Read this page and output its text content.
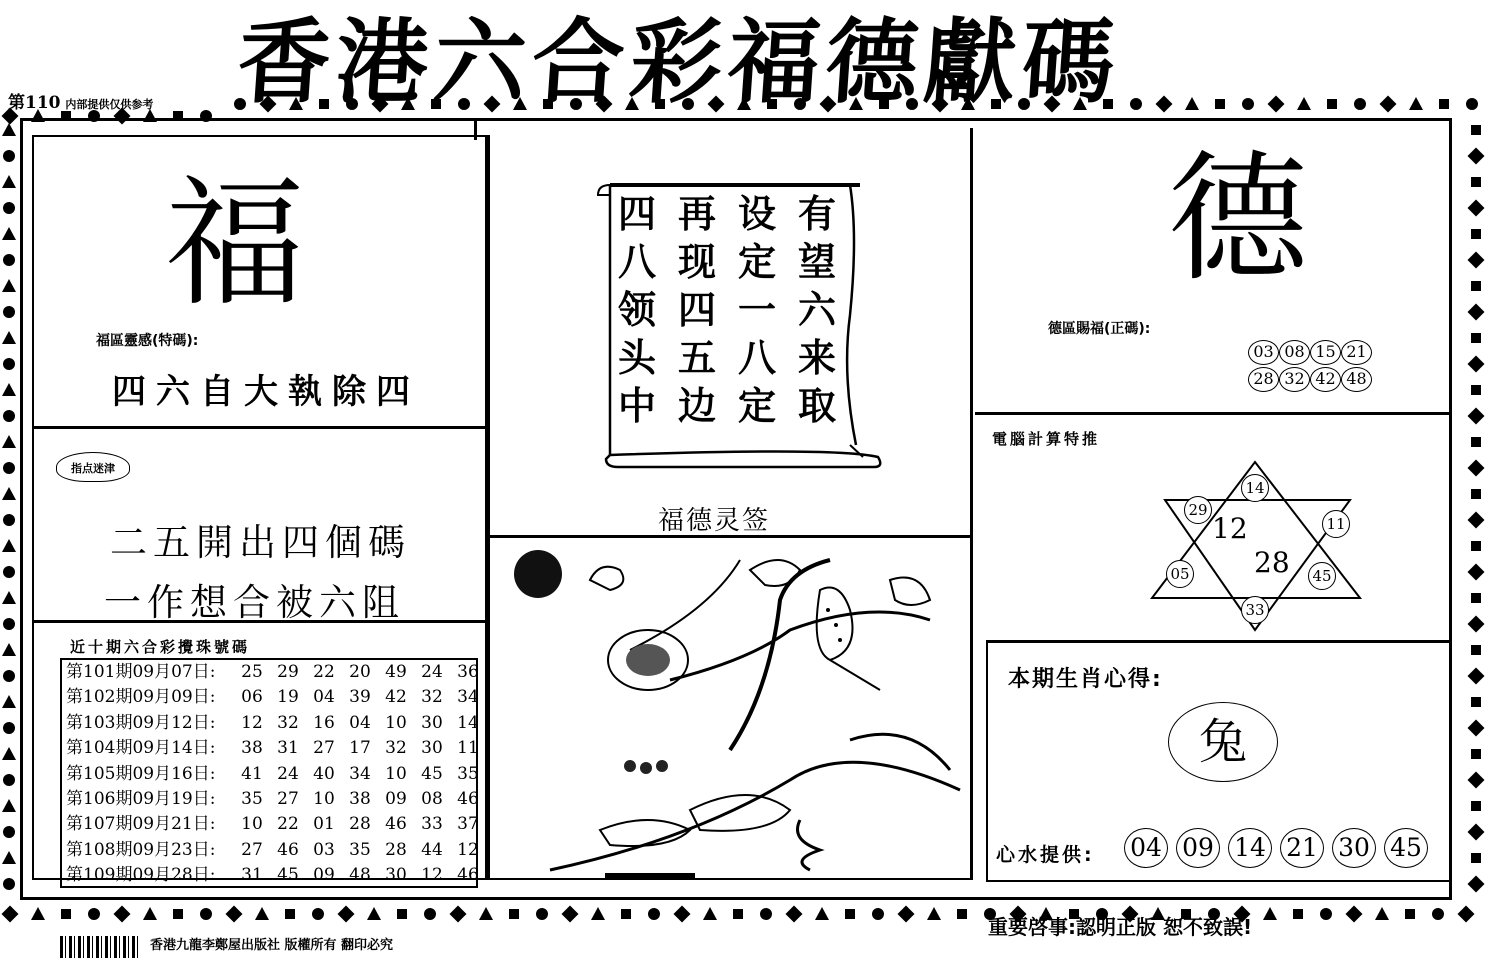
第110 内部提供仅供参考 香港六合彩福德獻碼
福
福區靈感(特碼):
四六自大執除四
指点迷津
二五開出四個碼
一作想合被六阻
近十期六合彩攪珠號碼
第101期09月07日: 25 29 22 20 49 24 36
第102期09月09日: 06 19 04 39 42 32 34
第103期09月12日: 12 32 16 04 10 30 14
第104期09月14日: 38 31 27 17 32 30 11
第105期09月16日: 41 24 40 34 10 45 35
第106期09月19日: 35 27 10 38 09 08 46
第107期09月21日: 10 22 01 28 46 33 37
第108期09月23日: 27 46 03 35 28 44 12
第109期09月28日: 31 45 09 48 30 12 46
有望六来取
设定一八定
再现四五边
四八领头中
福德灵签
德
德區賜福(正碼):
03 08 15 2128 32 42 48
電腦計算特推
14
29
11
05	45
33
12
28
本期生肖心得:
兔
心水提供: 04 09 14 21 30 45
香港九龍李鄭屋出版社 版權所有 翻印必究
重要啓事:認明正版 恕不致誤!
